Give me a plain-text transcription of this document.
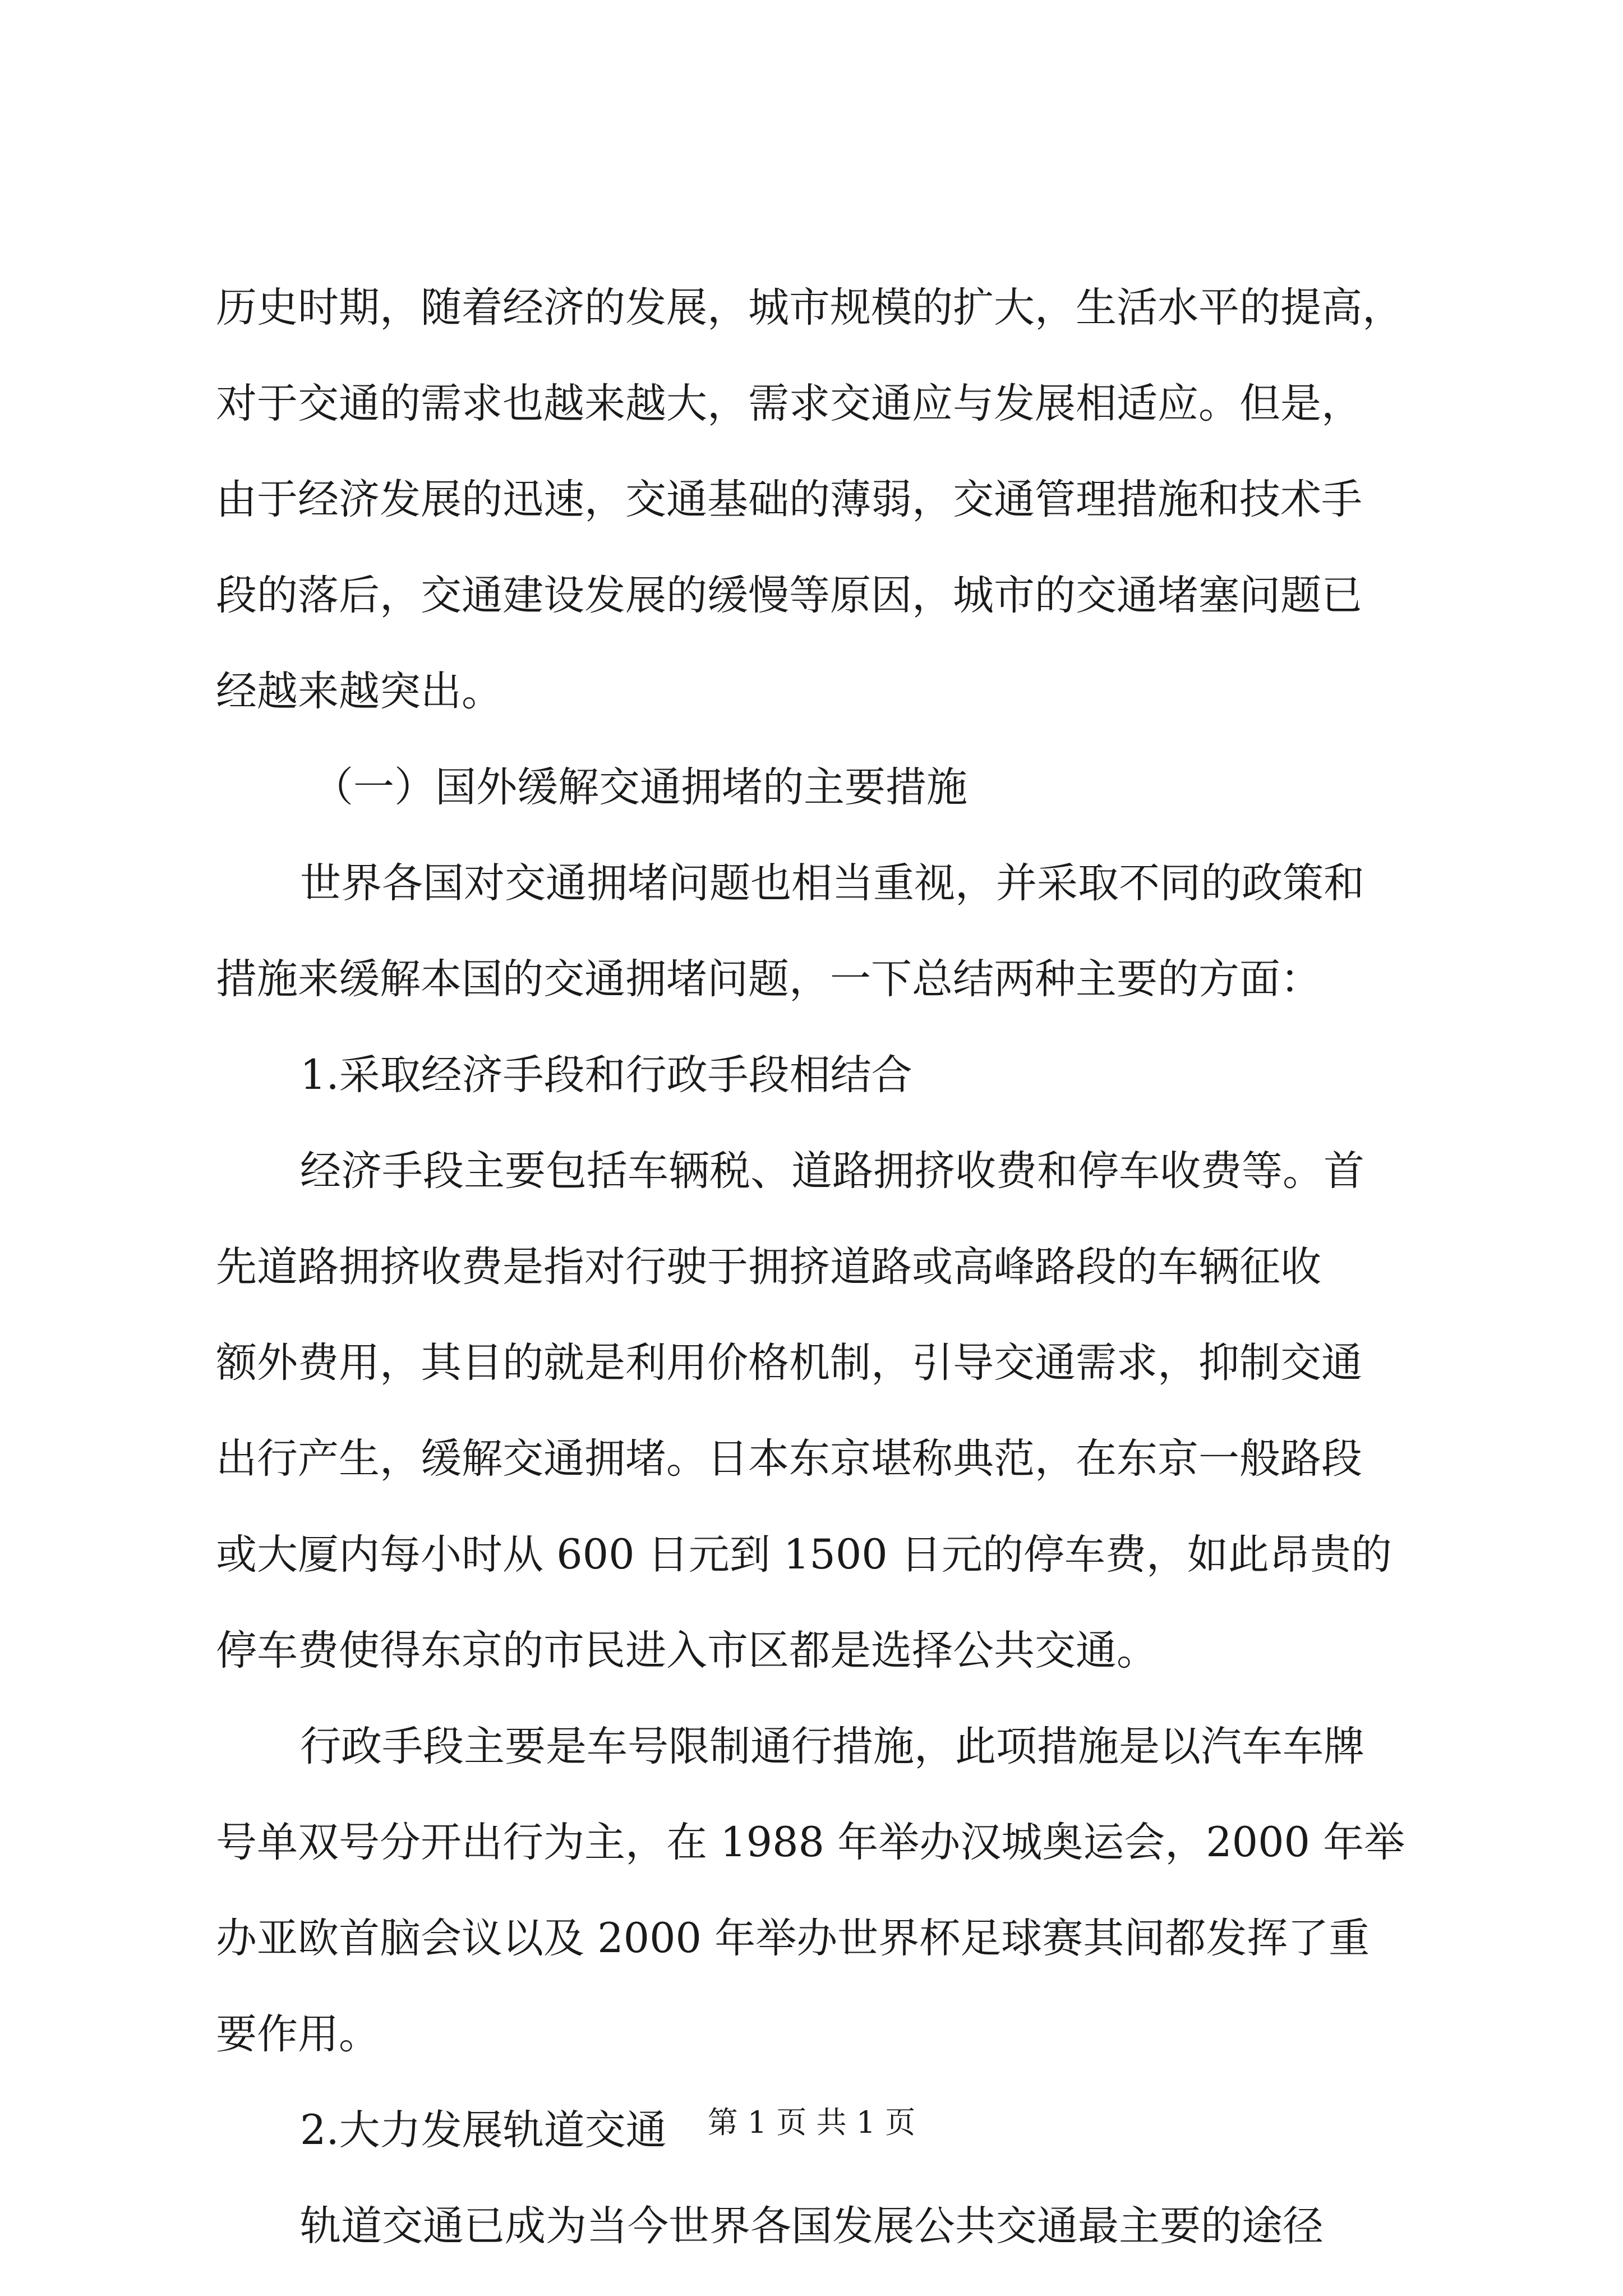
历史时期，随着经济的发展，城市规模的扩大，生活水平的提高，

对于交通的需求也越来越大，需求交通应与发展相适应。但是，

由于经济发展的迅速，交通基础的薄弱，交通管理措施和技术手

段的落后，交通建设发展的缓慢等原因，城市的交通堵塞问题已

经越来越突出。

（一）国外缓解交通拥堵的主要措施

世界各国对交通拥堵问题也相当重视，并采取不同的政策和

措施来缓解本国的交通拥堵问题，一下总结两种主要的方面：

1.采取经济手段和行政手段相结合

经济手段主要包括车辆税、道路拥挤收费和停车收费等。首

先道路拥挤收费是指对行驶于拥挤道路或高峰路段的车辆征收

额外费用，其目的就是利用价格机制，引导交通需求，抑制交通

出行产生，缓解交通拥堵。日本东京堪称典范，在东京一般路段

或大厦内每小时从 600 日元到 1500 日元的停车费，如此昂贵的

停车费使得东京的市民进入市区都是选择公共交通。

行政手段主要是车号限制通行措施，此项措施是以汽车车牌

号单双号分开出行为主，在 1988 年举办汉城奥运会，2000 年举

办亚欧首脑会议以及 2000 年举办世界杯足球赛其间都发挥了重

要作用。

2.大力发展轨道交通

轨道交通已成为当今世界各国发展公共交通最主要的途径

第 1 页 共 1 页
